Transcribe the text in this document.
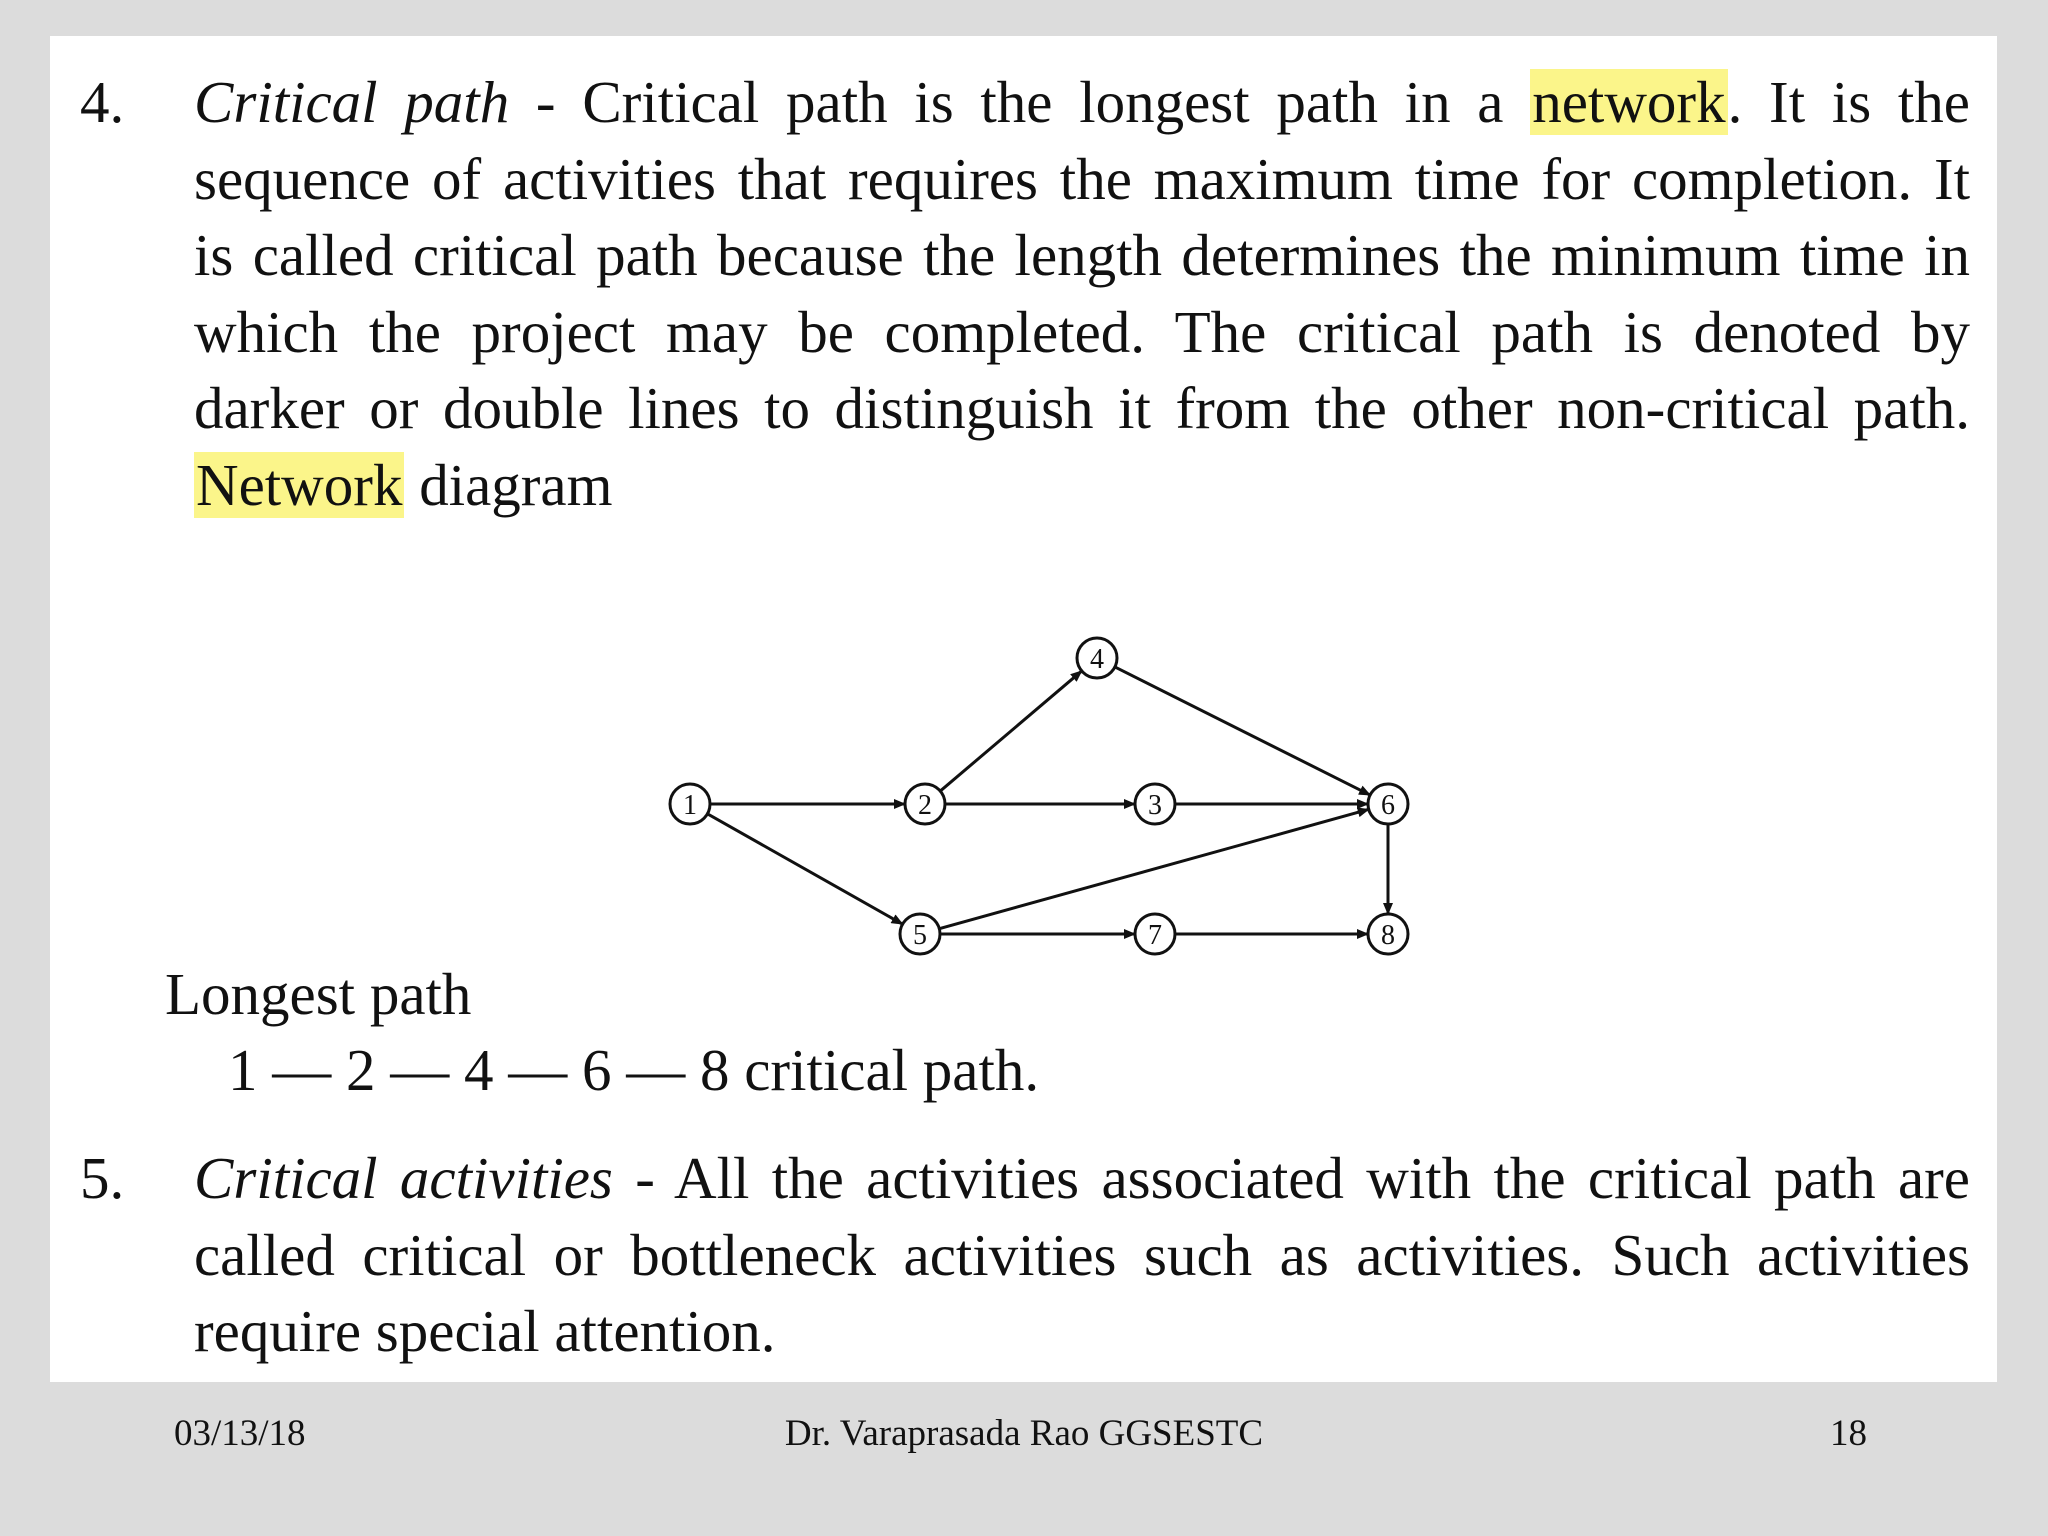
4.	Critical path - Critical path is the longest path in a network. It is the
sequence of activities that requires the maximum time for completion. It
is called critical path because the length determines the minimum time in
which the project may be completed. The critical path is denoted by
darker or double lines to distinguish it from the other non-critical path.
Network diagram
1	2	3
4
5
6
7	8
Longest path
1 — 2 — 4 — 6 — 8 critical path.
5.	Critical activities - All the activities associated with the critical path are
called critical or bottleneck activities such as activities. Such activities
require special attention.
03/13/18	Dr. Varaprasada Rao GGSESTC	18
